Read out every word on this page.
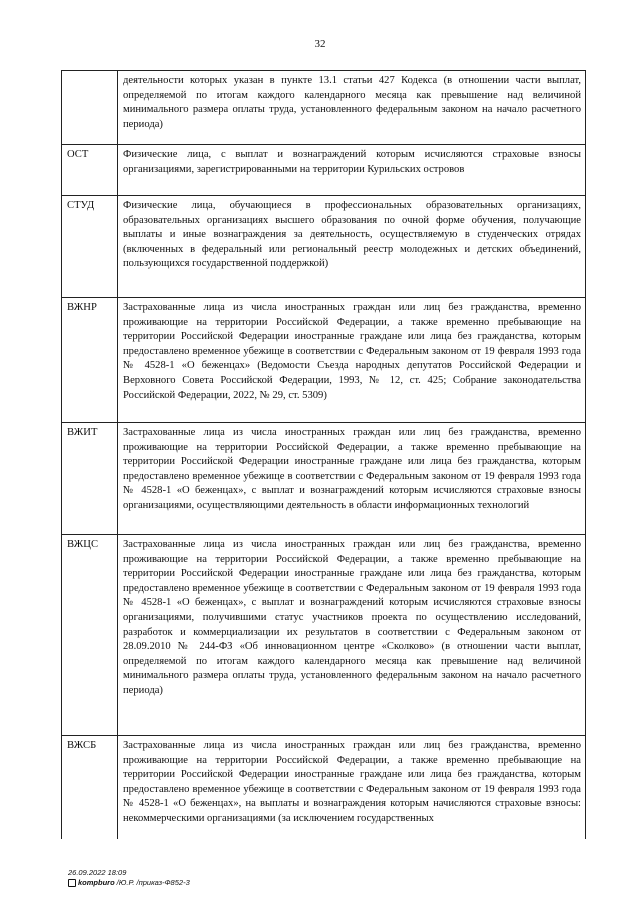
32
	деятельности которых указан в пункте 13.1 статьи 427 Кодекса (в отношении части выплат, определяемой по итогам каждого календарного месяца как превышение над величиной минимального размера оплаты труда, установленного федеральным законом на начало расчетного периода)
ОСТ	Физические лица, с выплат и вознаграждений которым исчисляются страховые взносы организациями, зарегистрированными на территории Курильских островов
СТУД	Физические лица, обучающиеся в профессиональных образовательных организациях, образовательных организациях высшего образования по очной форме обучения, получающие выплаты и иные вознаграждения за деятельность, осуществляемую в студенческих отрядах (включенных в федеральный или региональный реестр молодежных и детских объединений, пользующихся государственной поддержкой)
ВЖНР	Застрахованные лица из числа иностранных граждан или лиц без гражданства, временно проживающие на территории Российской Федерации, а также временно пребывающие на территории Российской Федерации иностранные граждане или лица без гражданства, которым предоставлено временное убежище в соответствии с Федеральным законом от 19 февраля 1993 года № 4528-1 «О беженцах» (Ведомости Съезда народных депутатов Российской Федерации и Верховного Совета Российской Федерации, 1993, № 12, ст. 425; Собрание законодательства Российской Федерации, 2022, № 29, ст. 5309)
ВЖИТ	Застрахованные лица из числа иностранных граждан или лиц без гражданства, временно проживающие на территории Российской Федерации, а также временно пребывающие на территории Российской Федерации иностранные граждане или лица без гражданства, которым предоставлено временное убежище в соответствии с Федеральным законом от 19 февраля 1993 года № 4528-1 «О беженцах», с выплат и вознаграждений которым исчисляются страховые взносы организациями, осуществляющими деятельность в области информационных технологий
ВЖЦС	Застрахованные лица из числа иностранных граждан или лиц без гражданства, временно проживающие на территории Российской Федерации, а также временно пребывающие на территории Российской Федерации иностранные граждане или лица без гражданства, которым предоставлено временное убежище в соответствии с Федеральным законом от 19 февраля 1993 года № 4528-1 «О беженцах», с выплат и вознаграждений которым исчисляются страховые взносы организациями, получившими статус участников проекта по осуществлению исследований, разработок и коммерциализации их результатов в соответствии с Федеральным законом от 28.09.2010 № 244-ФЗ «Об инновационном центре «Сколково» (в отношении части выплат, определяемой по итогам каждого календарного месяца как превышение над величиной минимального размера оплаты труда, установленного федеральным законом на начало расчетного периода)
ВЖСБ	Застрахованные лица из числа иностранных граждан или лиц без гражданства, временно проживающие на территории Российской Федерации, а также временно пребывающие на территории Российской Федерации иностранные граждане или лица без гражданства, которым предоставлено временное убежище в соответствии с Федеральным законом от 19 февраля 1993 года № 4528-1 «О беженцах», на выплаты и вознаграждения которым начисляются страховые взносы: некоммерческими организациями (за исключением государственных
26.09.2022 18:09
kompburo /Ю.Р. /приказ-Ф852-3
